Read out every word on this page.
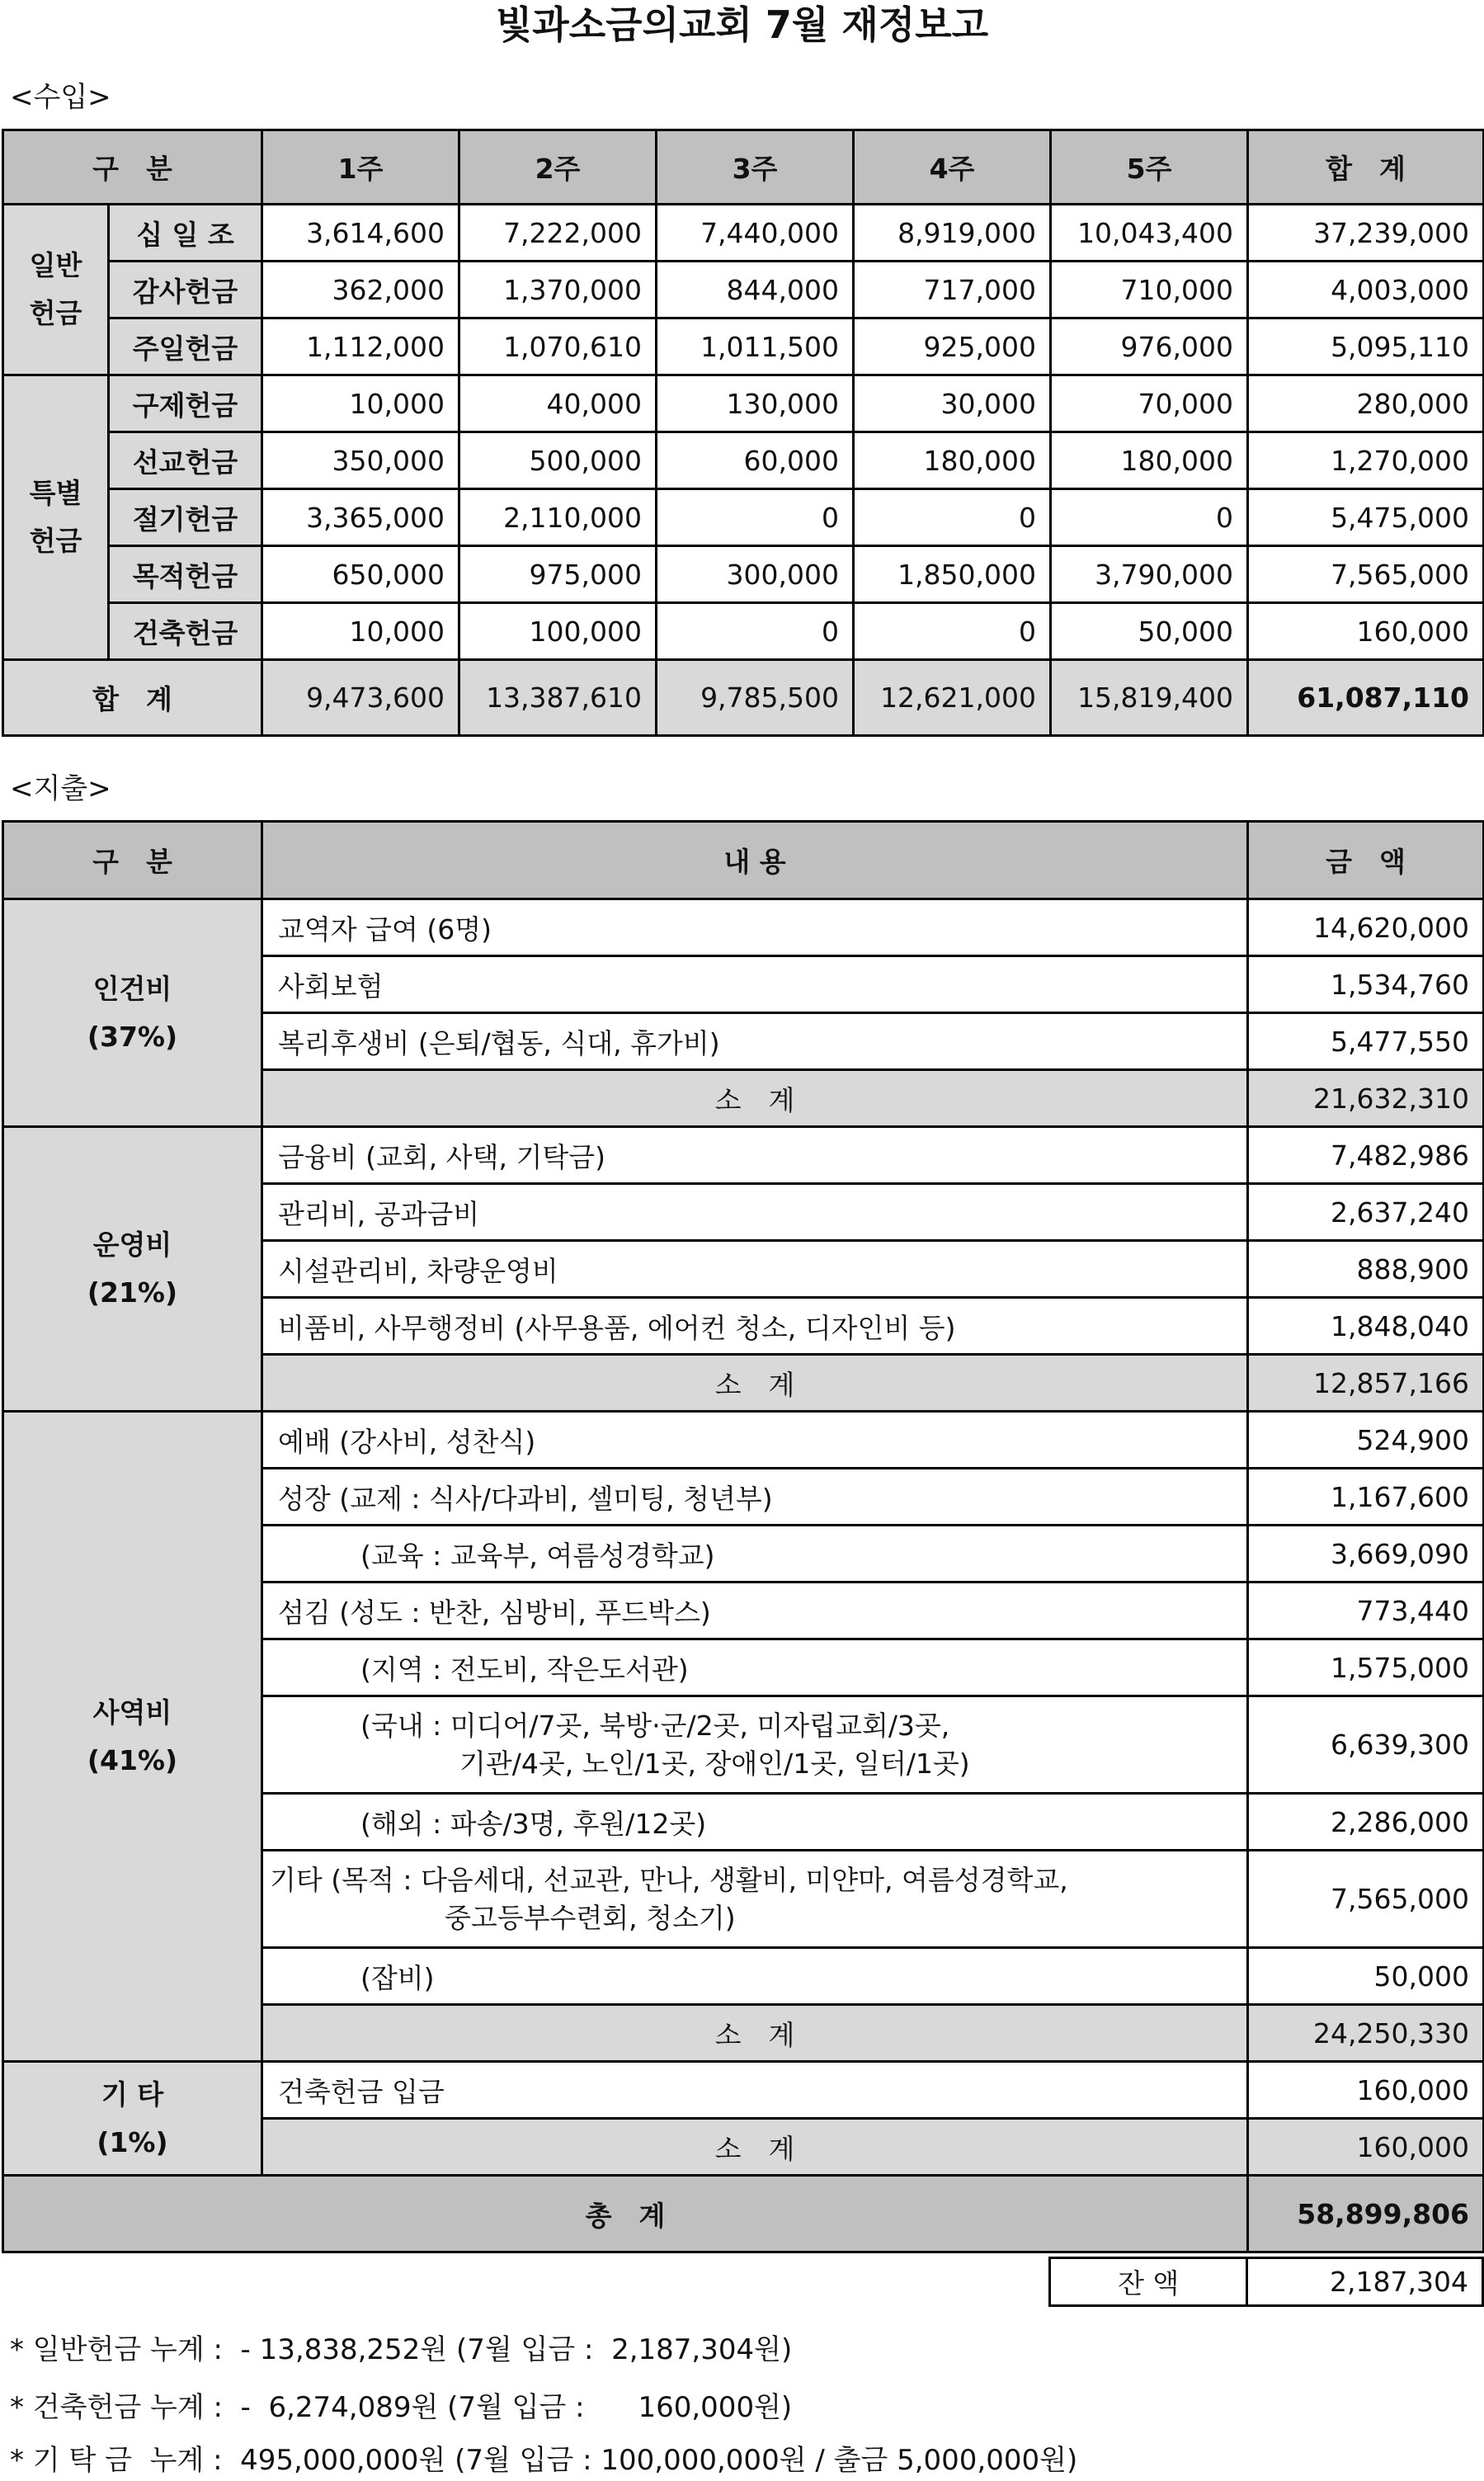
빛과소금의교회 7월 재정보고
<수입>
구　분		1주	2주	3주	4주	5주	합　계
일반 헌금	십 일 조	3,614,600	7,222,000	7,440,000	8,919,000	10,043,400	37,239,000
	감사헌금	362,000	1,370,000	844,000	717,000	710,000	4,003,000
	주일헌금	1,112,000	1,070,610	1,011,500	925,000	976,000	5,095,110
특별 헌금	구제헌금	10,000	40,000	130,000	30,000	70,000	280,000
	선교헌금	350,000	500,000	60,000	180,000	180,000	1,270,000
	절기헌금	3,365,000	2,110,000	0	0	0	5,475,000
	목적헌금	650,000	975,000	300,000	1,850,000	3,790,000	7,565,000
	건축헌금	10,000	100,000	0	0	50,000	160,000
합　계		9,473,600	13,387,610	9,785,500	12,621,000	15,819,400	61,087,110
<지출>
구　분	내 용	금　액

인건비
(37%)	교역자 급여 (6명)	14,620,000
	사회보험	1,534,760
	복리후생비 (은퇴/협동, 식대, 휴가비)	5,477,550
	소　계	21,632,310

운영비
(21%)	금융비 (교회, 사택, 기탁금)	7,482,986
	관리비, 공과금비	2,637,240
	시설관리비, 차량운영비	888,900
	비품비, 사무행정비 (사무용품, 에어컨 청소, 디자인비 등)	1,848,040
	소　계	12,857,166

사역비
(41%)	예배 (강사비, 성찬식)	524,900
	성장 (교제 : 식사/다과비, 셀미팅, 청년부)	1,167,600
	(교육 : 교육부, 여름성경학교)	3,669,090
	섬김 (성도 : 반찬, 심방비, 푸드박스)	773,440
	(지역 : 전도비, 작은도서관)	1,575,000

	(국내 : 미디어/7곳, 북방·군/2곳, 미자립교회/3곳,
기관/4곳, 노인/1곳, 장애인/1곳, 일터/1곳)	6,639,300
	(해외 : 파송/3명, 후원/12곳)	2,286,000

	기타 (목적 : 다음세대, 선교관, 만나, 생활비, 미얀마, 여름성경학교,
중고등부수련회, 청소기)	7,565,000
	(잡비)	50,000
	소　계	24,250,330

기 타
(1%)	건축헌금 입금	160,000
	소　계	160,000
총　계		58,899,806
잔 액	2,187,304
* 일반헌금 누계 :  - 13,838,252원 (7월 입금 :  2,187,304원)
* 건축헌금 누계 :  -  6,274,089원 (7월 입금 :      160,000원)
* 기 탁 금  누계 :  495,000,000원 (7월 입금 : 100,000,000원 / 출금 5,000,000원)
